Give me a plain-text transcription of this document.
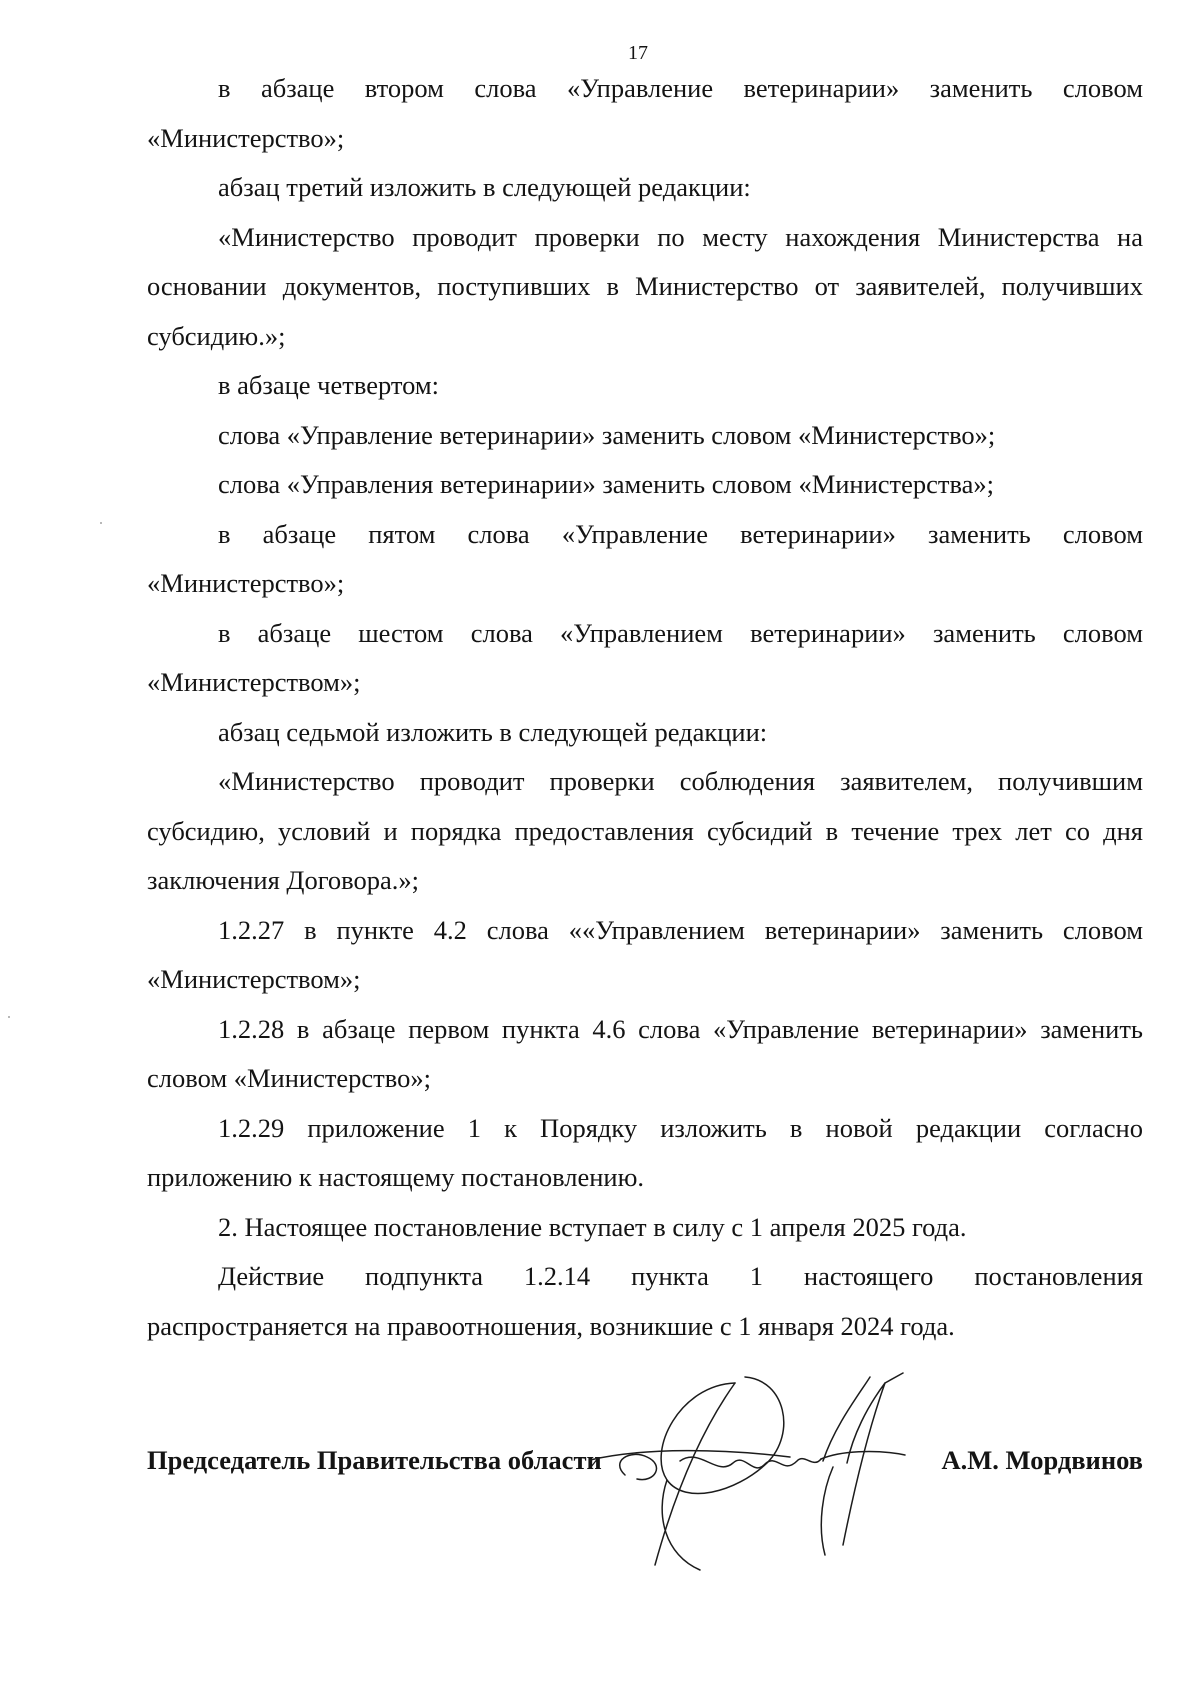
17

в абзаце втором слова «Управление ветеринарии» заменить словом «Министерство»;

абзац третий изложить в следующей редакции:

«Министерство проводит проверки по месту нахождения Министерства на основании документов, поступивших в Министерство от заявителей, получивших субсидию.»;

в абзаце четвертом:

слова «Управление ветеринарии» заменить словом «Министерство»;

слова «Управления ветеринарии» заменить словом «Министерства»;

в абзаце пятом слова «Управление ветеринарии» заменить словом «Министерство»;

в абзаце шестом слова «Управлением ветеринарии» заменить словом «Министерством»;

абзац седьмой изложить в следующей редакции:

«Министерство проводит проверки соблюдения заявителем, получившим субсидию, условий и порядка предоставления субсидий в течение трех лет со дня заключения Договора.»;

1.2.27 в пункте 4.2 слова ««Управлением ветеринарии» заменить словом «Министерством»;

1.2.28 в абзаце первом пункта 4.6 слова «Управление ветеринарии» заменить словом «Министерство»;

1.2.29 приложение 1 к Порядку изложить в новой редакции согласно приложению к настоящему постановлению.

2. Настоящее постановление вступает в силу с 1 апреля 2025 года.

Действие подпункта 1.2.14 пункта 1 настоящего постановления распространяется на правоотношения, возникшие с 1 января 2024 года.

Председатель Правительства области	А.М. Мордвинов
